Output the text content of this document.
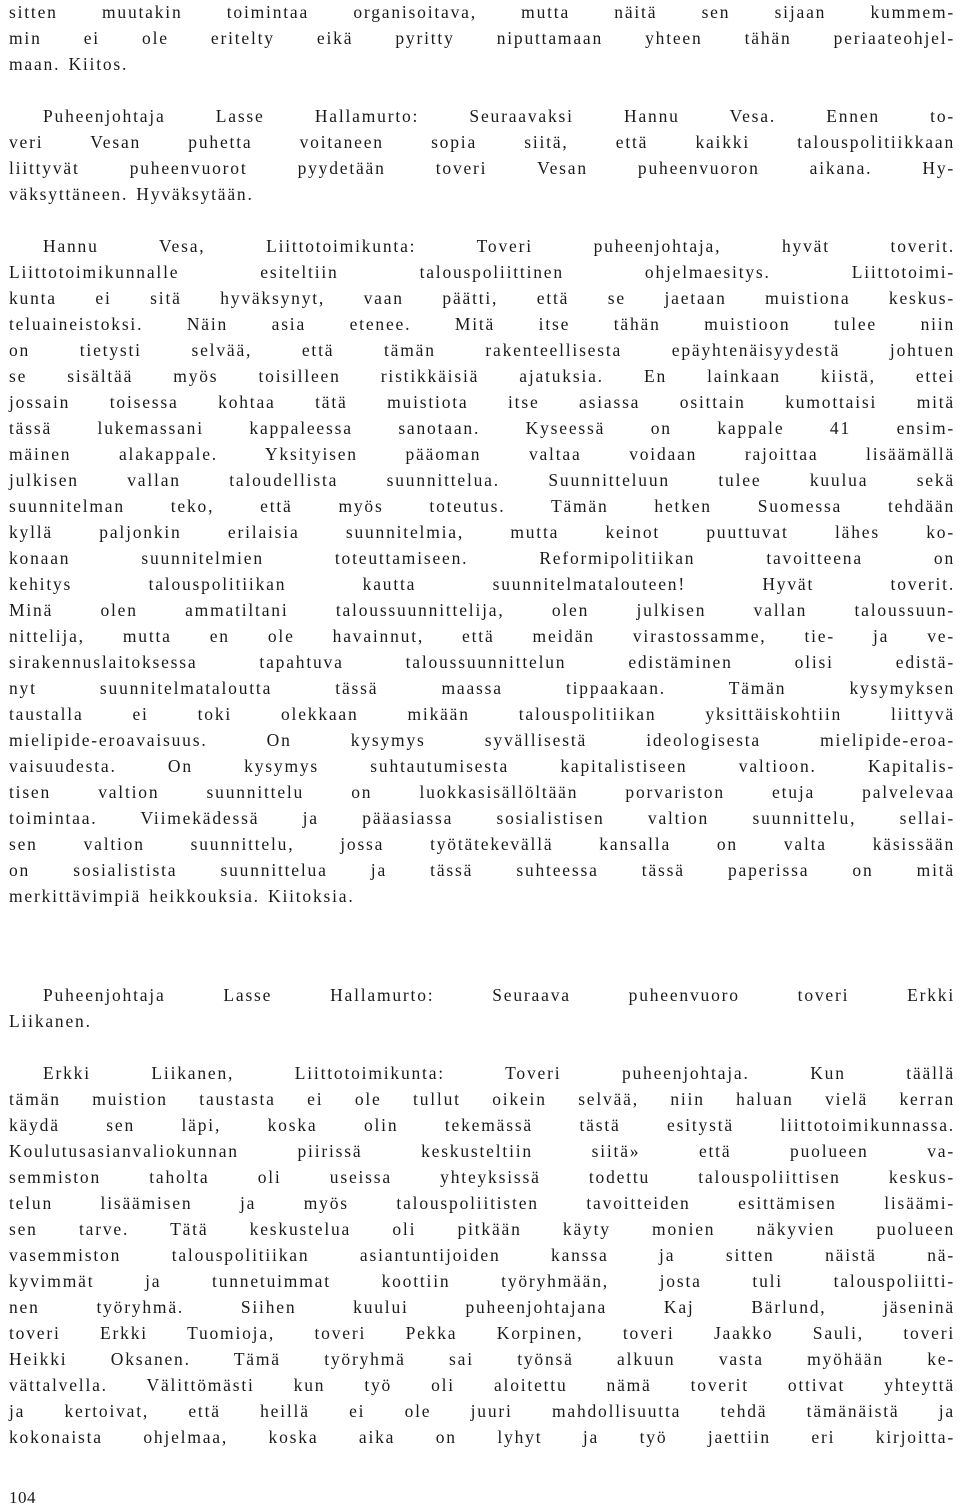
sitten muutakin toimintaa organisoitava, mutta näitä sen sijaan kummem-
min ei ole eritelty eikä pyritty niputtamaan yhteen tähän periaateohjel-
maan. Kiitos.
Puheenjohtaja Lasse Hallamurto: Seuraavaksi Hannu Vesa. Ennen to-
veri Vesan puhetta voitaneen sopia siitä, että kaikki talouspolitiikkaan
liittyvät puheenvuorot pyydetään toveri Vesan puheenvuoron aikana. Hy-
väksyttäneen. Hyväksytään.
Hannu Vesa, Liittotoimikunta: Toveri puheenjohtaja, hyvät toverit.
Liittotoimikunnalle esiteltiin talouspoliittinen ohjelmaesitys. Liittotoimi-
kunta ei sitä hyväksynyt, vaan päätti, että se jaetaan muistiona keskus-
teluaineistoksi. Näin asia etenee. Mitä itse tähän muistioon tulee niin
on tietysti selvää, että tämän rakenteellisesta epäyhtenäisyydestä johtuen
se sisältää myös toisilleen ristikkäisiä ajatuksia. En lainkaan kiistä, ettei
jossain toisessa kohtaa tätä muistiota itse asiassa osittain kumottaisi mitä
tässä lukemassani kappaleessa sanotaan. Kyseessä on kappale 41 ensim-
mäinen alakappale. Yksityisen pääoman valtaa voidaan rajoittaa lisäämällä
julkisen vallan taloudellista suunnittelua. Suunnitteluun tulee kuulua sekä
suunnitelman teko, että myös toteutus. Tämän hetken Suomessa tehdään
kyllä paljonkin erilaisia suunnitelmia, mutta keinot puuttuvat lähes ko-
konaan suunnitelmien toteuttamiseen. Reformipolitiikan tavoitteena on
kehitys talouspolitiikan kautta suunnitelmatalouteen! Hyvät toverit.
Minä olen ammatiltani taloussuunnittelija, olen julkisen vallan taloussuun-
nittelija, mutta en ole havainnut, että meidän virastossamme, tie- ja ve-
sirakennuslaitoksessa tapahtuva taloussuunnittelun edistäminen olisi edistä-
nyt suunnitelmataloutta tässä maassa tippaakaan. Tämän kysymyksen
taustalla ei toki olekkaan mikään talouspolitiikan yksittäiskohtiin liittyvä
mielipide-eroavaisuus. On kysymys syvällisestä ideologisesta mielipide-eroa-
vaisuudesta. On kysymys suhtautumisesta kapitalistiseen valtioon. Kapitalis-
tisen valtion suunnittelu on luokkasisällöltään porvariston etuja palvelevaa
toimintaa. Viimekädessä ja pääasiassa sosialistisen valtion suunnittelu, sellai-
sen valtion suunnittelu, jossa työtätekevällä kansalla on valta käsissään
on sosialistista suunnittelua ja tässä suhteessa tässä paperissa on mitä
merkittävimpiä heikkouksia. Kiitoksia.
Puheenjohtaja Lasse Hallamurto: Seuraava puheenvuoro toveri Erkki
Liikanen.
Erkki Liikanen, Liittotoimikunta: Toveri puheenjohtaja. Kun täällä
tämän muistion taustasta ei ole tullut oikein selvää, niin haluan vielä kerran
käydä sen läpi, koska olin tekemässä tästä esitystä liittotoimikunnassa.
Koulutusasianvaliokunnan piirissä keskusteltiin siitä» että puolueen va-
semmiston taholta oli useissa yhteyksissä todettu talouspoliittisen keskus-
telun lisäämisen ja myös talouspoliitisten tavoitteiden esittämisen lisäämi-
sen tarve. Tätä keskustelua oli pitkään käyty monien näkyvien puolueen
vasemmiston talouspolitiikan asiantuntijoiden kanssa ja sitten näistä nä-
kyvimmät ja tunnetuimmat koottiin työryhmään, josta tuli talouspoliitti-
nen työryhmä. Siihen kuului puheenjohtajana Kaj Bärlund, jäseninä
toveri Erkki Tuomioja, toveri Pekka Korpinen, toveri Jaakko Sauli, toveri
Heikki Oksanen. Tämä työryhmä sai työnsä alkuun vasta myöhään ke-
vättalvella. Välittömästi kun työ oli aloitettu nämä toverit ottivat yhteyttä
ja kertoivat, että heillä ei ole juuri mahdollisuutta tehdä tämänäistä ja
kokonaista ohjelmaa, koska aika on lyhyt ja työ jaettiin eri kirjoitta-
104
